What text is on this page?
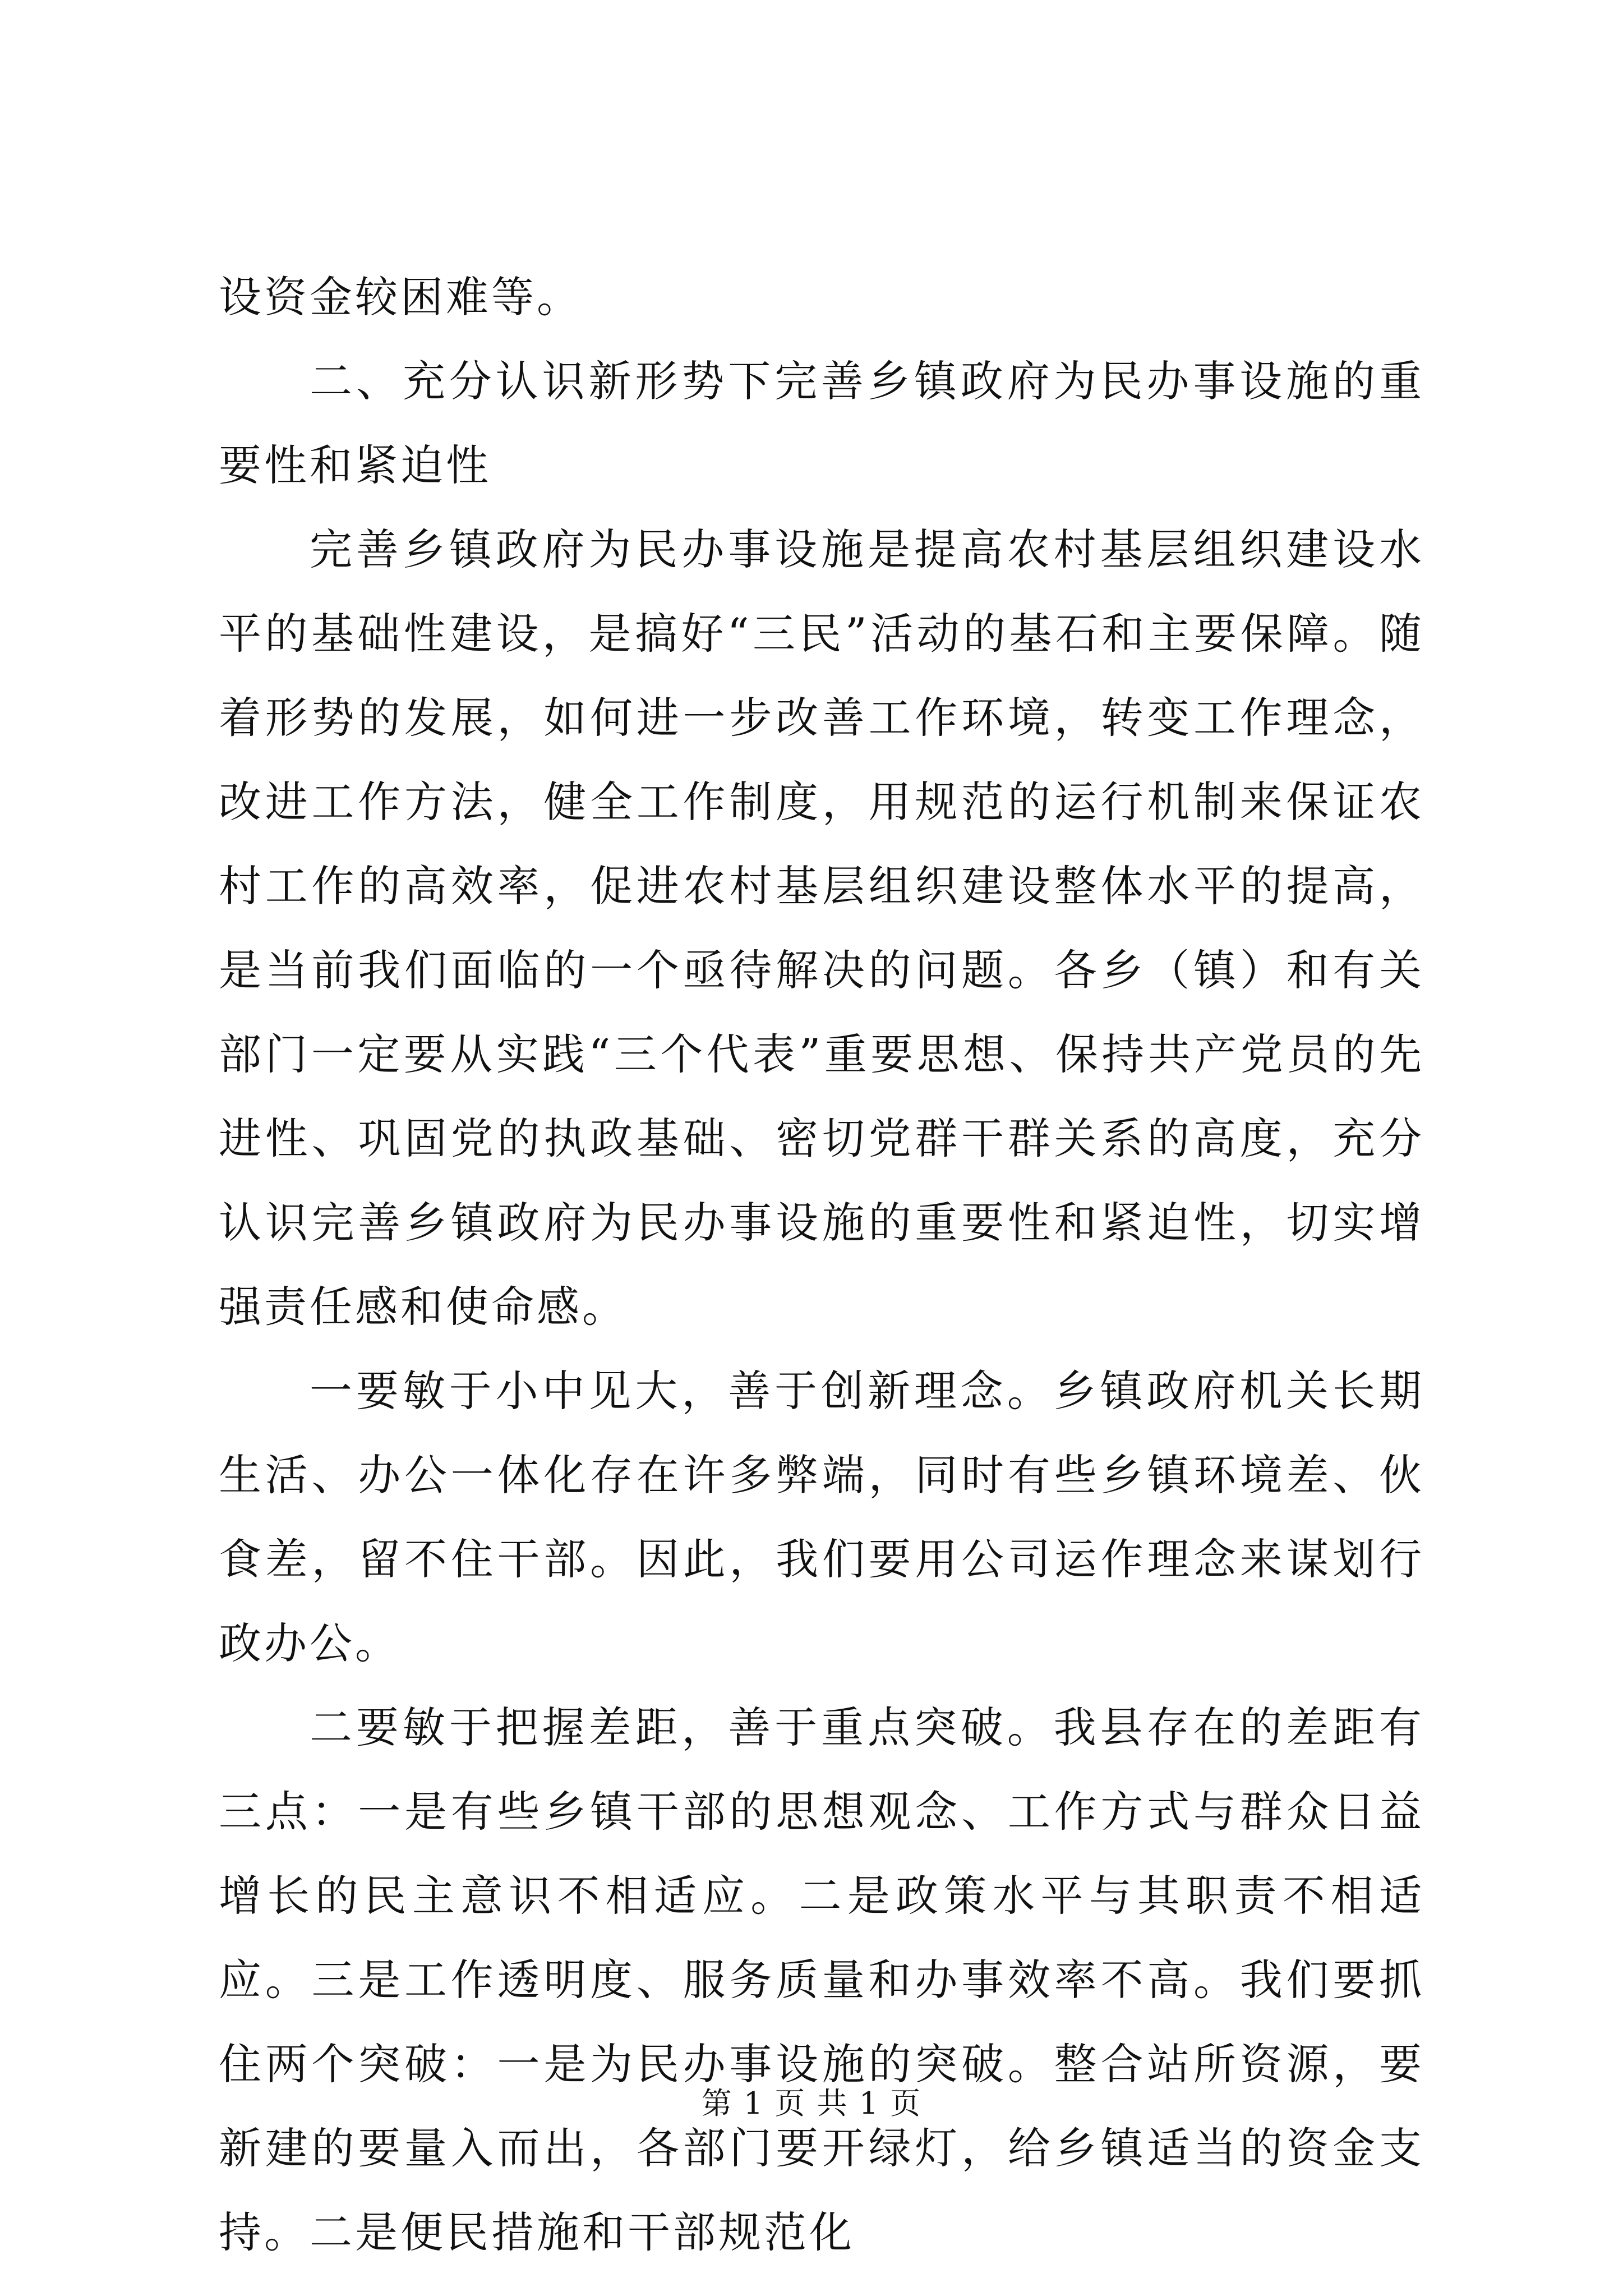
设资金较困难等。

二、充分认识新形势下完善乡镇政府为民办事设施的重要性和紧迫性

完善乡镇政府为民办事设施是提高农村基层组织建设水平的基础性建设，是搞好“三民”活动的基石和主要保障。随着形势的发展，如何进一步改善工作环境，转变工作理念，改进工作方法，健全工作制度，用规范的运行机制来保证农村工作的高效率，促进农村基层组织建设整体水平的提高，是当前我们面临的一个亟待解决的问题。各乡（镇）和有关部门一定要从实践“三个代表”重要思想、保持共产党员的先进性、巩固党的执政基础、密切党群干群关系的高度，充分认识完善乡镇政府为民办事设施的重要性和紧迫性，切实增强责任感和使命感。

一要敏于小中见大，善于创新理念。乡镇政府机关长期生活、办公一体化存在许多弊端，同时有些乡镇环境差、伙食差，留不住干部。因此，我们要用公司运作理念来谋划行政办公。

二要敏于把握差距，善于重点突破。我县存在的差距有三点：一是有些乡镇干部的思想观念、工作方式与群众日益增长的民主意识不相适应。二是政策水平与其职责不相适应。三是工作透明度、服务质量和办事效率不高。我们要抓住两个突破：一是为民办事设施的突破。整合站所资源，要新建的要量入而出，各部门要开绿灯，给乡镇适当的资金支持。二是便民措施和干部规范化

第 1 页 共 1 页
